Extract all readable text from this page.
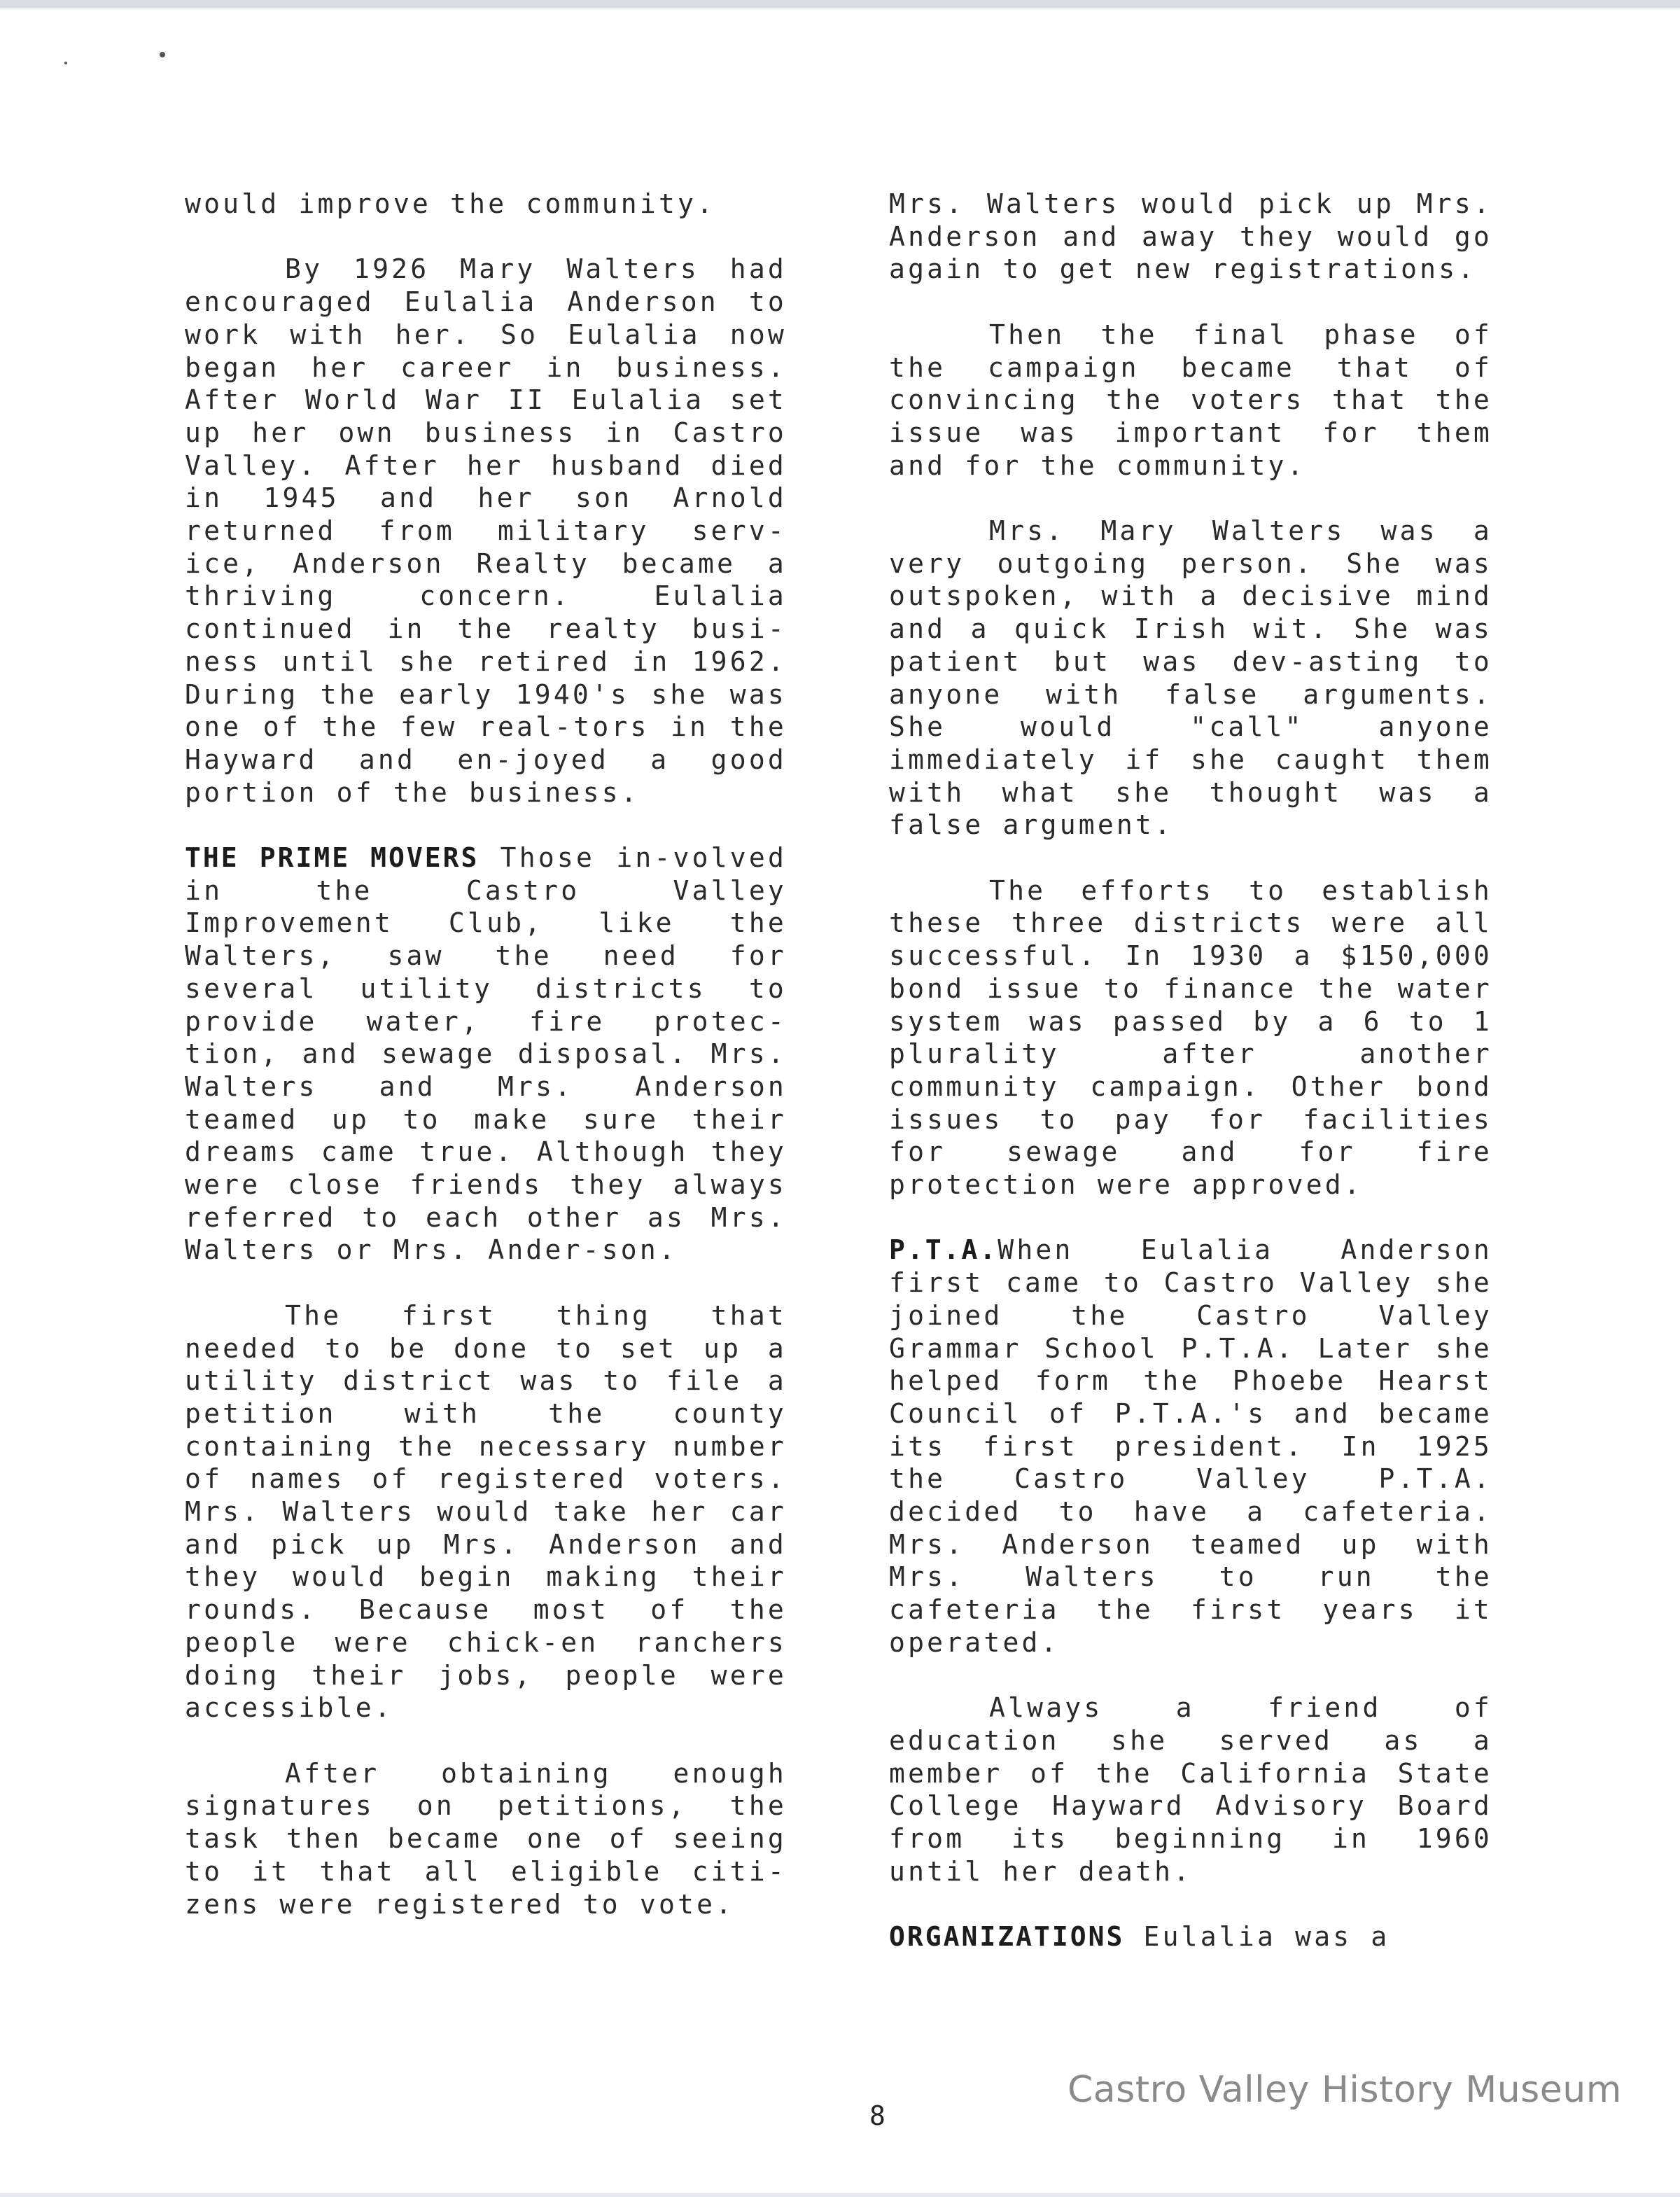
would improve the community.

By 1926 Mary Walters had encouraged Eulalia Anderson to work with her. So Eulalia now began her career in business. After World War II Eulalia set up her own business in Castro Valley. After her husband died in 1945 and her son Arnold returned from military serv-ice, Anderson Realty became a thriving concern. Eulalia continued in the realty busi-ness until she retired in 1962. During the early 1940's she was one of the few real-tors in the Hayward and en-joyed a good portion of the business.

THE PRIME MOVERS Those in-volved in the Castro Valley Improvement Club, like the Walters, saw the need for several utility districts to provide water, fire protec-tion, and sewage disposal. Mrs. Walters and Mrs. Anderson teamed up to make sure their dreams came true. Although they were close friends they always referred to each other as Mrs. Walters or Mrs. Ander-son.

The first thing that needed to be done to set up a utility district was to file a petition with the county containing the necessary number of names of registered voters. Mrs. Walters would take her car and pick up Mrs. Anderson and they would begin making their rounds. Because most of the people were chick-en ranchers doing their jobs, people were accessible.

After obtaining enough signatures on petitions, the task then became one of seeing to it that all eligible citi-zens were registered to vote.

Mrs. Walters would pick up Mrs. Anderson and away they would go again to get new registrations.

Then the final phase of the campaign became that of convincing the voters that the issue was important for them and for the community.

Mrs. Mary Walters was a very outgoing person. She was outspoken, with a decisive mind and a quick Irish wit. She was patient but was dev-asting to anyone with false arguments. She would "call" anyone immediately if she caught them with what she thought was a false argument.

The efforts to establish these three districts were all successful. In 1930 a $150,000 bond issue to finance the water system was passed by a 6 to 1 plurality after another community campaign. Other bond issues to pay for facilities for sewage and for fire protection were approved.

P.T.A.When Eulalia Anderson first came to Castro Valley she joined the Castro Valley Grammar School P.T.A. Later she helped form the Phoebe Hearst Council of P.T.A.'s and became its first president. In 1925 the Castro Valley P.T.A. decided to have a cafeteria. Mrs. Anderson teamed up with Mrs. Walters to run the cafeteria the first years it operated.

Always a friend of education she served as a member of the California State College Hayward Advisory Board from its beginning in 1960 until her death.

ORGANIZATIONS Eulalia was a

8
Castro Valley History Museum
